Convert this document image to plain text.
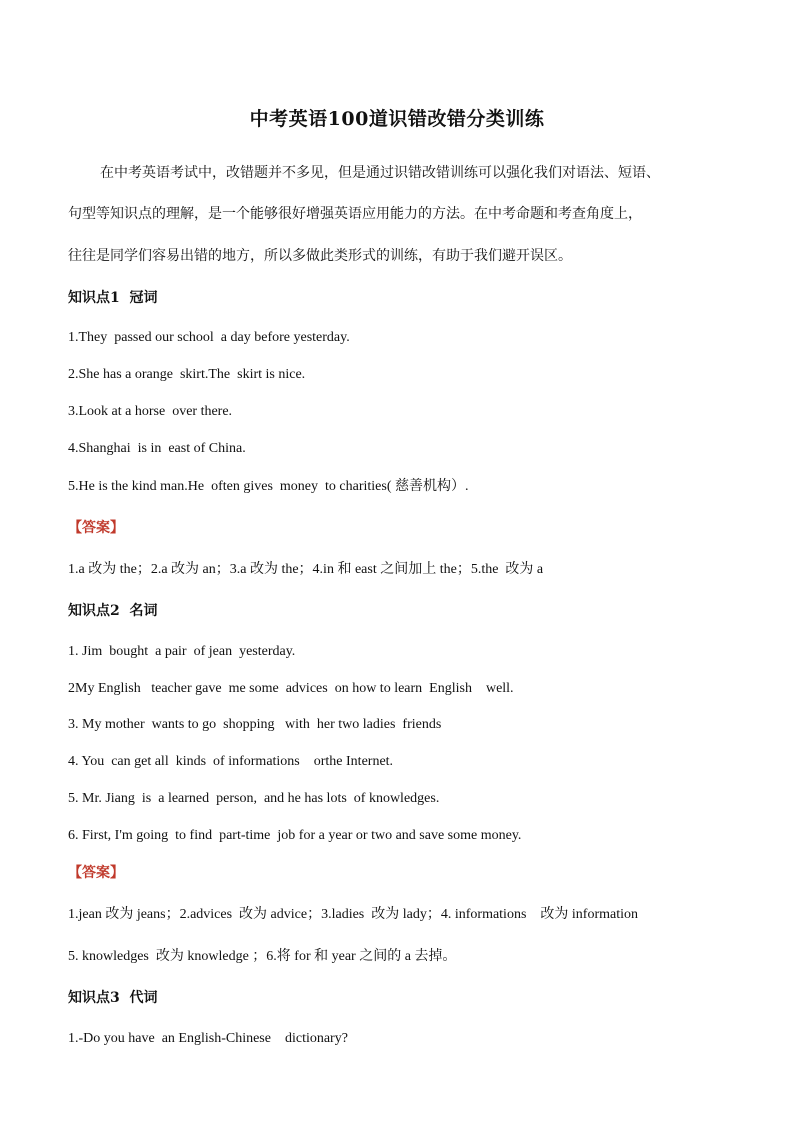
中考英语100道识错改错分类训练
在中考英语考试中，改错题并不多见，但是通过识错改错训练可以强化我们对语法、短语、
句型等知识点的理解，是一个能够很好增强英语应用能力的方法。在中考命题和考查角度上，
往往是同学们容易出错的地方，所以多做此类形式的训练，有助于我们避开误区。
知识点1  冠词
1.They  passed our school  a day before yesterday.
2.She has a orange  skirt.The  skirt is nice.
3.Look at a horse  over there.
4.Shanghai  is in  east of China.
5.He is the kind man.He  often gives  money  to charities( 慈善机构）.
【答案】
1.a 改为 the；2.a 改为 an；3.a 改为 the；4.in 和 east 之间加上 the；5.the  改为 a
知识点2  名词
1. Jim  bought  a pair  of jean  yesterday.
2My English   teacher gave  me some  advices  on how to learn  English    well.
3. My mother  wants to go  shopping   with  her two ladies  friends
4. You  can get all  kinds  of informations    orthe Internet.
5. Mr. Jiang  is  a learned  person,  and he has lots  of knowledges.
6. First, I'm going  to find  part-time  job for a year or two and save some money.
【答案】
1.jean 改为 jeans；2.advices  改为 advice；3.ladies  改为 lady；4. informations    改为 information
5. knowledges  改为 knowledge ；6.将 for 和 year 之间的 a 去掉。
知识点3  代词
1.-Do you have  an English-Chinese    dictionary?
